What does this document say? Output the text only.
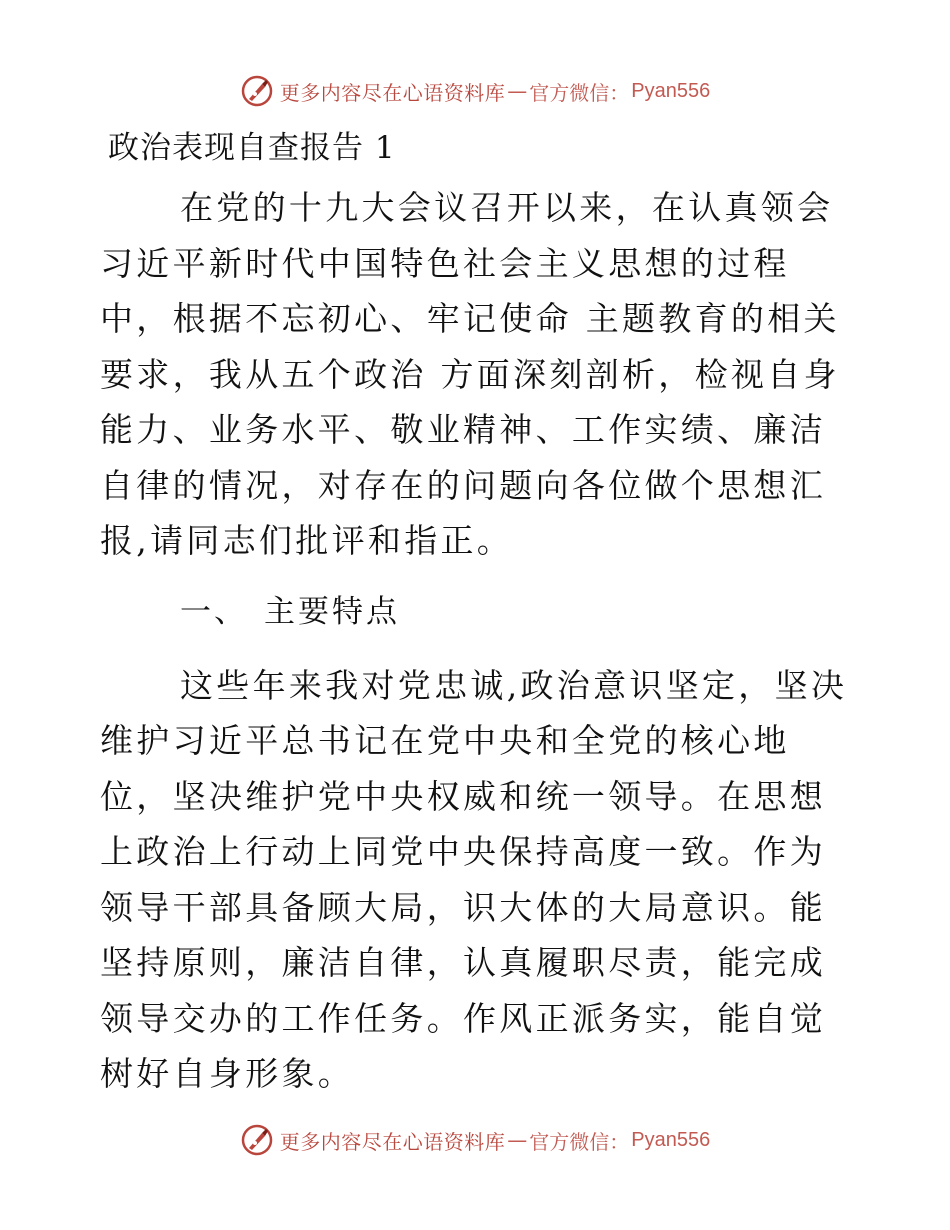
更多内容尽在心语资料库 — 官方微信： Pyan556
政治表现自查报告 1

在党的十九大会议召开以来，在认真领会习近平新时代中国特色社会主义思想的过程中，根据不忘初心、牢记使命 主题教育的相关要求，我从五个政治 方面深刻剖析，检视自身能力、业务水平、敬业精神、工作实绩、廉洁自律的情况，对存在的问题向各位做个思想汇报,请同志们批评和指正。

一、 主要特点

这些年来我对党忠诚,政治意识坚定，坚决维护习近平总书记在党中央和全党的核心地位，坚决维护党中央权威和统一领导。在思想上政治上行动上同党中央保持高度一致。作为领导干部具备顾大局，识大体的大局意识。能坚持原则，廉洁自律，认真履职尽责，能完成领导交办的工作任务。作风正派务实，能自觉树好自身形象。

更多内容尽在心语资料库 — 官方微信： Pyan556
